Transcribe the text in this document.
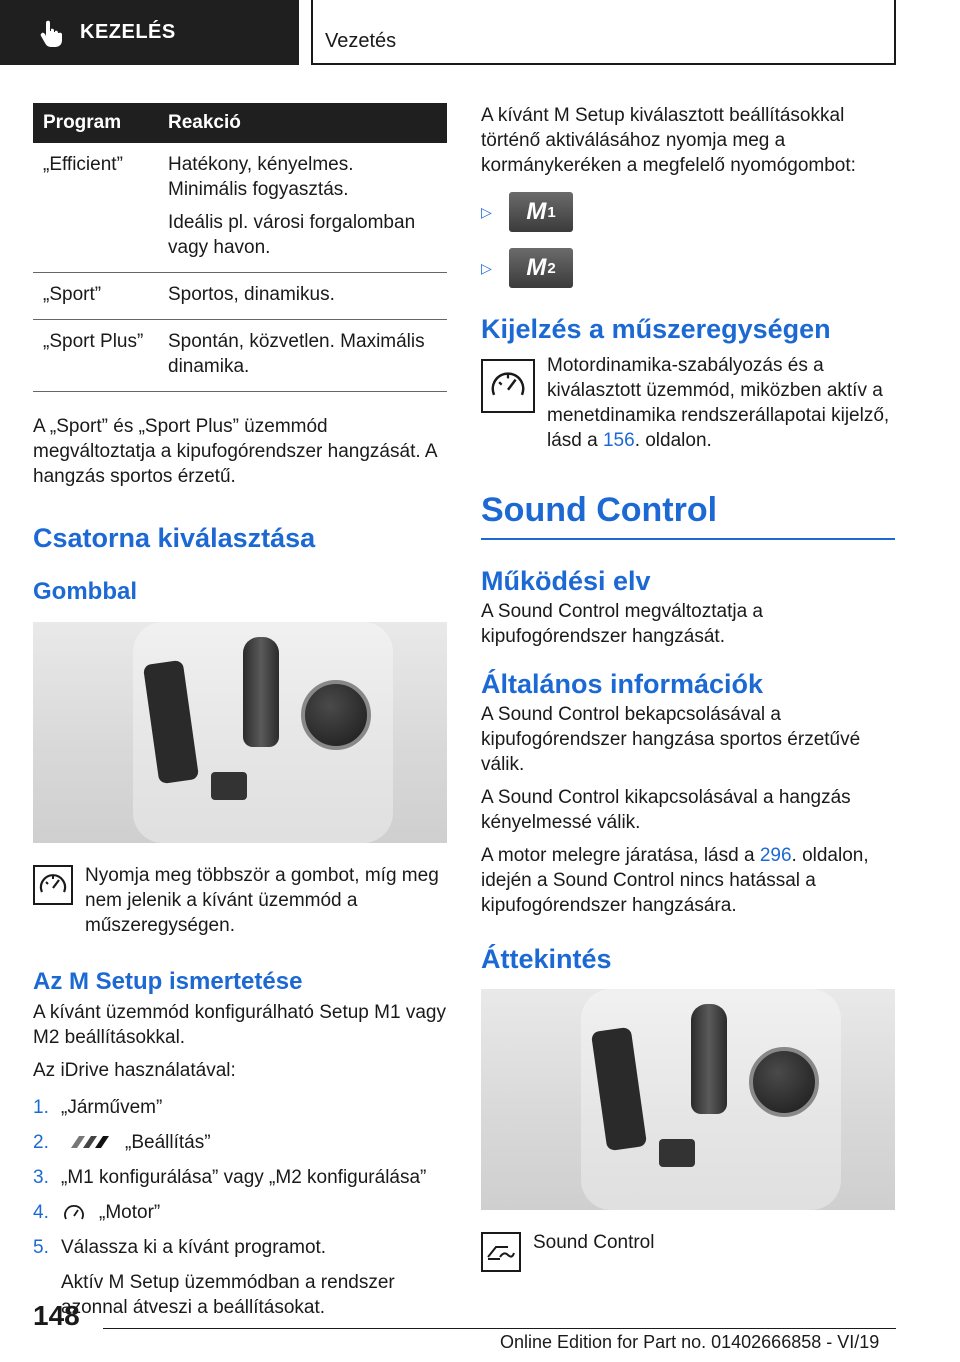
KEZELÉS	Vezetés
Program	Reakció
„Efficient”	Hatékony, kényelmes. Minimális fogyasztás.

Ideális pl. városi forgalomban vagy havon.

„Sport”	Sportos, dinamikus.

„Sport Plus”	Spontán, közvetlen. Maximális dinamika.

A „Sport” és „Sport Plus” üzemmód megváltoztatja a kipufogórendszer hangzását. A hangzás sportos érzetű.

Csatorna kiválasztása
Gombbal

Nyomja meg többször a gombot, míg meg nem jelenik a kívánt üzemmód a műszeregységen.

Az M Setup ismertetése

A kívánt üzemmód konfigurálható Setup M1 vagy M2 beállításokkal.

Az iDrive használatával:

1. „Járművem”
2.	„Beállítás”
3. „M1 konfigurálása” vagy „M2 konfigurálása”
4.	„Motor”
5. Válassza ki a kívánt programot.

Aktív M Setup üzemmódban a rendszer azonnal átveszi a beállításokat.

A kívánt M Setup kiválasztott beállításokkal történő aktiválásához nyomja meg a kormánykeréken a megfelelő nyomógombot:

▷	M 1
▷	M 2
Kijelzés a műszeregységen

Motordinamika-szabályozás és a kiválasztott üzemmód, miközben aktív a menetdinamika rendszerállapotai kijelző, lásd a 156. oldalon.

Sound Control
Működési elv

A Sound Control megváltoztatja a kipufogórendszer hangzását.

Általános információk

A Sound Control bekapcsolásával a kipufogórendszer hangzása sportos érzetűvé válik.

A Sound Control kikapcsolásával a hangzás kényelmessé válik.

A motor melegre járatása, lásd a 296. oldalon, idején a Sound Control nincs hatással a kipufogórendszer hangzására.

Áttekintés

Sound Control

148
Online Edition for Part no. 01402666858 - VI/19
